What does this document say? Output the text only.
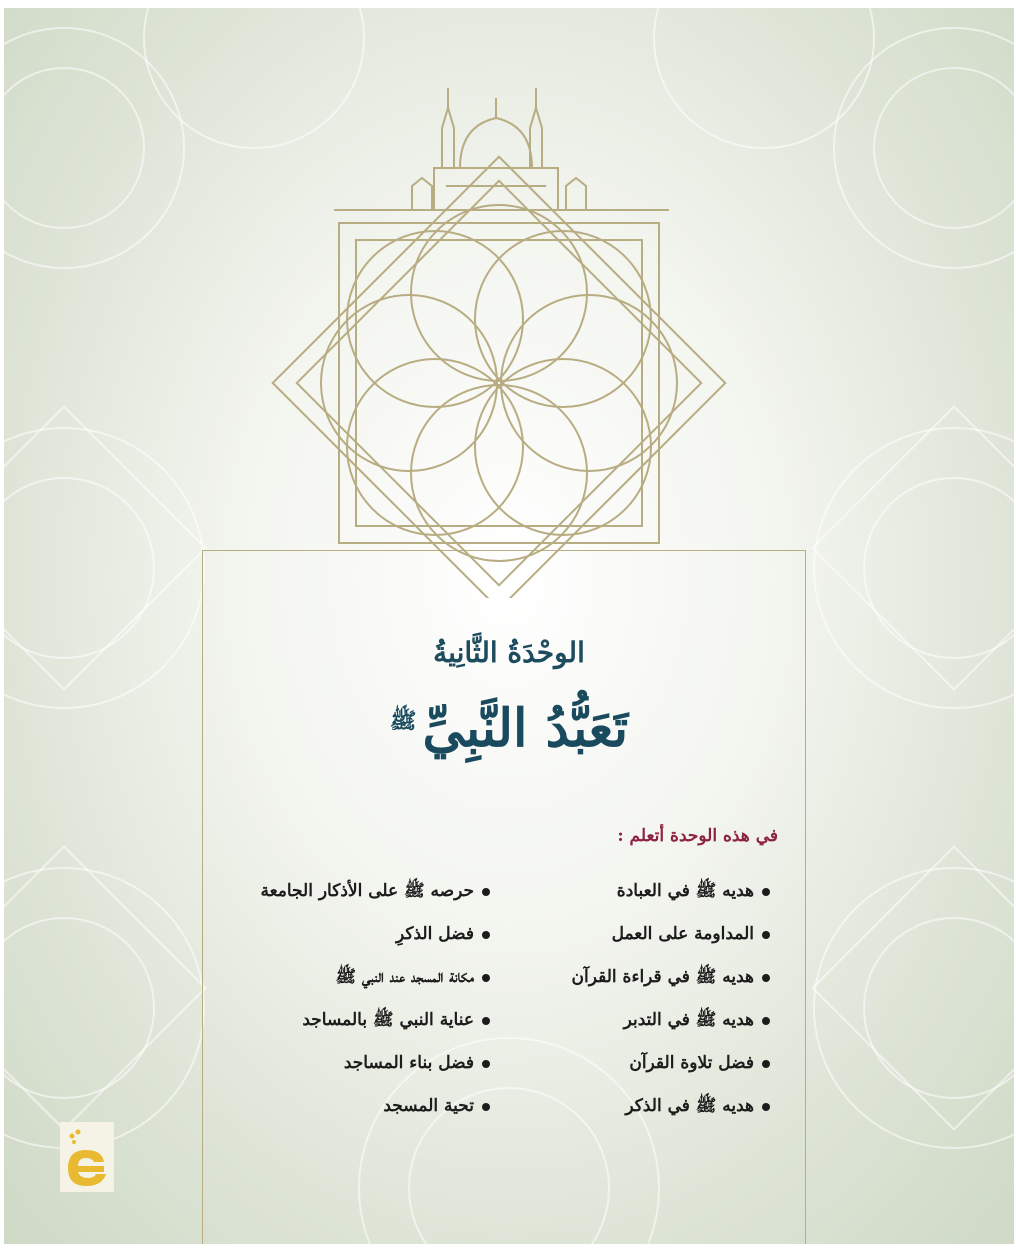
الوحْدَةُ الثَّانِيةُ
تَعَبُّدُ النَّبِيِّ$^ﷺ$
في هذه الوحدة أتعلم :
هديه ﷺ في العبادة
المداومة على العمل
هديه ﷺ في قراءة القرآن
هديه ﷺ في التدبر
فضل تلاوة القرآن
هديه ﷺ في الذكر
حرصه ﷺ على الأذكار الجامعة
فضل الذكرِ
مكانة المسجد عند النبي ﷺ
عناية النبي ﷺ بالمساجد
فضل بناء المساجد
تحية المسجد
